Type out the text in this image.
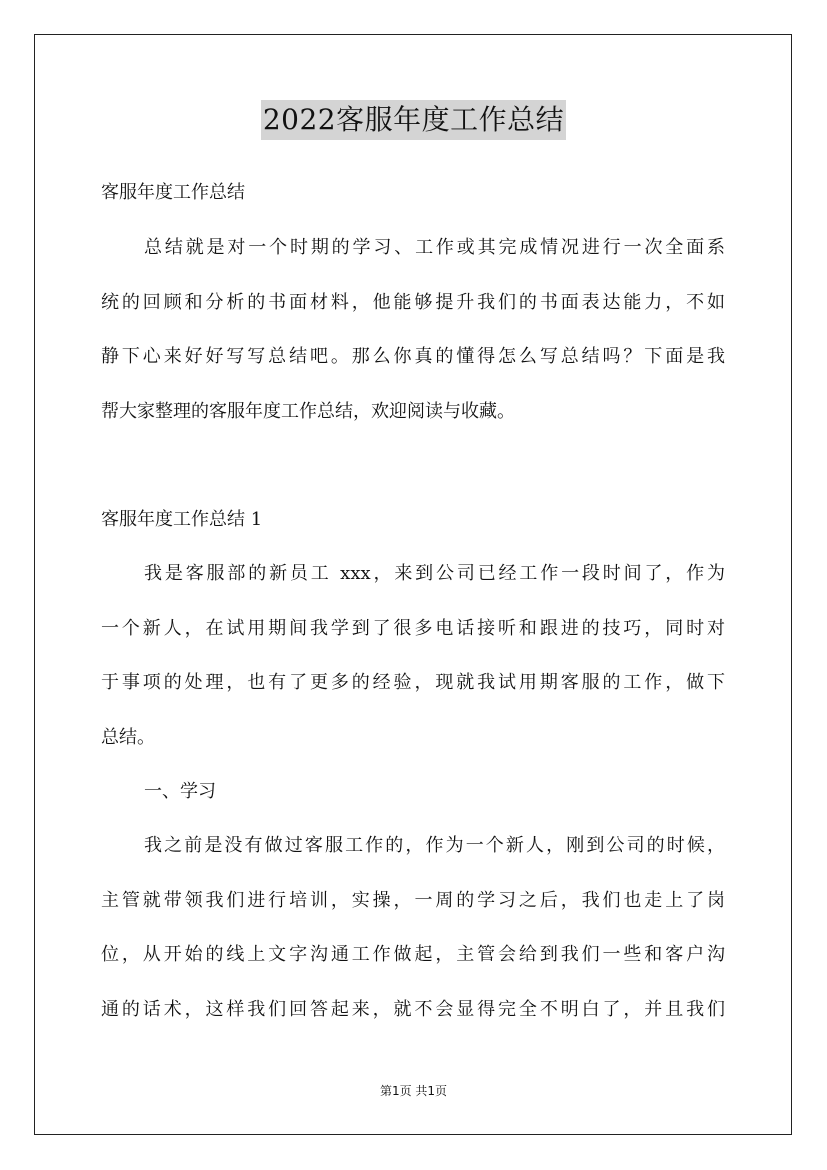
2022客服年度工作总结
客服年度工作总结
总结就是对一个时期的学习、工作或其完成情况进行一次全面系
统的回顾和分析的书面材料，他能够提升我们的书面表达能力，不如
静下心来好好写写总结吧。那么你真的懂得怎么写总结吗？下面是我
帮大家整理的客服年度工作总结，欢迎阅读与收藏。
客服年度工作总结 1
我是客服部的新员工 xxx，来到公司已经工作一段时间了，作为
一个新人，在试用期间我学到了很多电话接听和跟进的技巧，同时对
于事项的处理，也有了更多的经验，现就我试用期客服的工作，做下
总结。
一、学习
我之前是没有做过客服工作的，作为一个新人，刚到公司的时候，
主管就带领我们进行培训，实操，一周的学习之后，我们也走上了岗
位，从开始的线上文字沟通工作做起，主管会给到我们一些和客户沟
通的话术，这样我们回答起来，就不会显得完全不明白了，并且我们
第1页 共1页
